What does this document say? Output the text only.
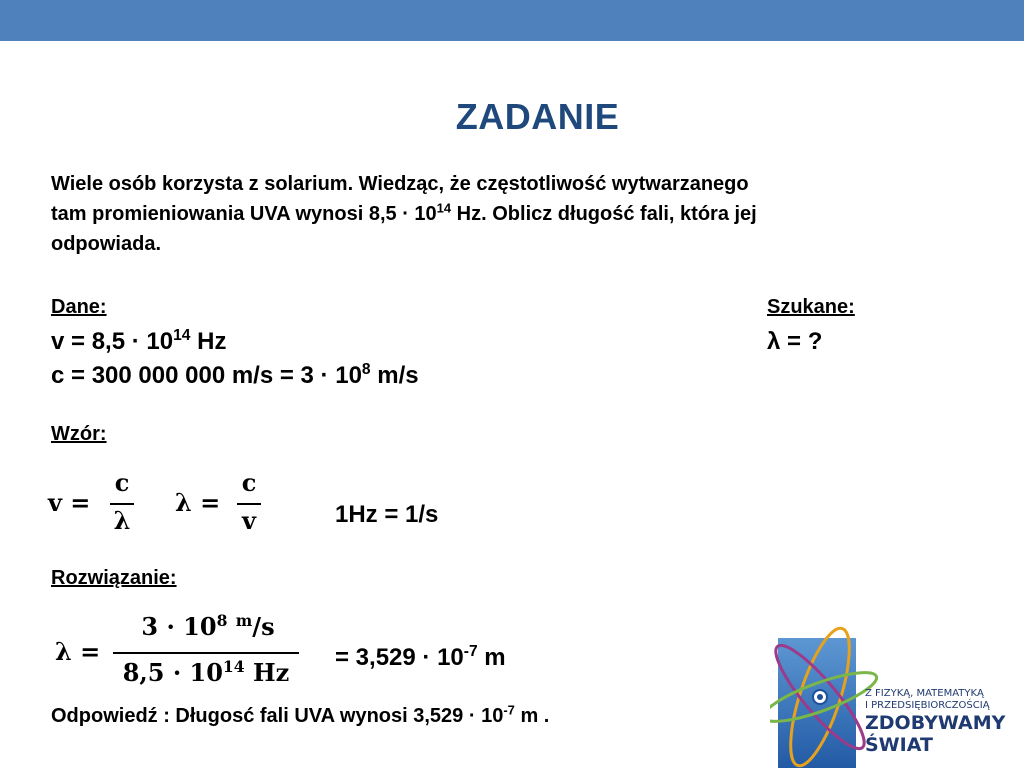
ZADANIE
Wiele osób korzysta z solarium. Wiedząc, że częstotliwość wytwarzanego
tam promieniowania UVA wynosi $8,5 \cdot 10^{14}$ Hz. Oblicz długość fali, która jej
odpowiada.
Dane:	Szukane:
$v = 8,5 \cdot 10^{14}$ Hz	λ = ?
c = 300 000 000 $m/s = 3 \cdot 10^8$ m/s
Wzór:
v =
c
λ
λ =
c
v	1Hz = 1/s
Rozwiązanie:
λ =
$3 \cdot 10^8$ $^m$/s
$8,5 \cdot 10^{14}$ Hz
= $3,529 \cdot 10^{-7}$ m
Odpowiedź : Długosć fali UVA wynosi $3,529 \cdot 10^{-7}$ m .
Z FIZYKĄ, MATEMATYKĄ
I PRZEDSIĘBIORCZOŚCIĄ
ZDOBYWAMY
ŚWIAT
